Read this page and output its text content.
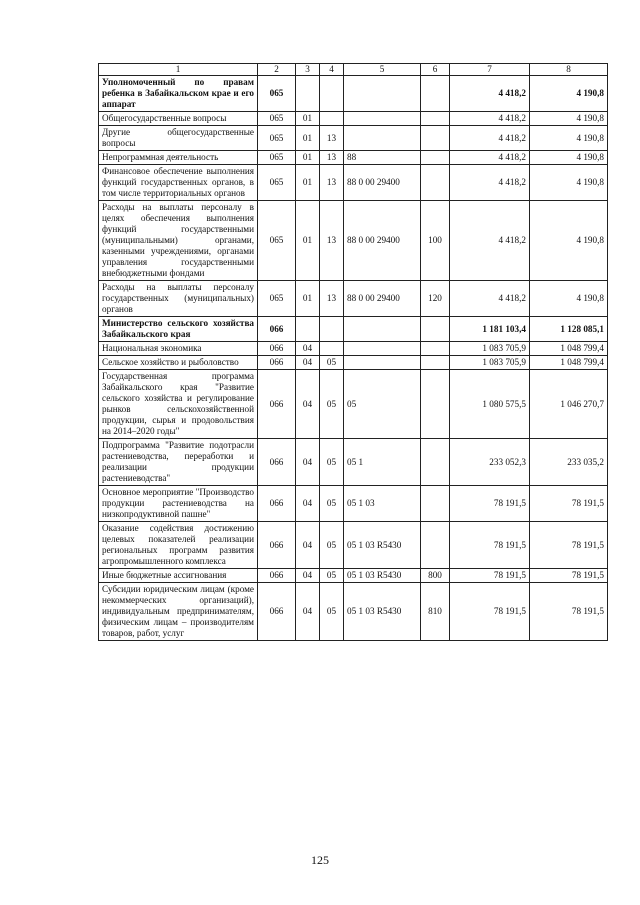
1	2	3	4	5	6	7	8
Уполномоченный по правам ребенка в Забайкальском крае и его аппарат	065					4 418,2	4 190,8
Общегосударственные вопросы	065	01				4 418,2	4 190,8
Другие общегосударственные вопросы	065	01	13			4 418,2	4 190,8
Непрограммная деятельность	065	01	13	88		4 418,2	4 190,8
Финансовое обеспечение выполнения функций государственных органов, в том числе территориальных органов	065	01	13	88 0 00 29400		4 418,2	4 190,8
Расходы на выплаты персоналу в целях обеспечения выполнения функций государственными (муниципальными) органами, казенными учреждениями, органами управления государственными внебюджетными фондами	065	01	13	88 0 00 29400	100	4 418,2	4 190,8
Расходы на выплаты персоналу государственных (муниципальных) органов	065	01	13	88 0 00 29400	120	4 418,2	4 190,8
Министерство сельского хозяйства Забайкальского края	066					1 181 103,4	1 128 085,1
Национальная экономика	066	04				1 083 705,9	1 048 799,4
Сельское хозяйство и рыболовство	066	04	05			1 083 705,9	1 048 799,4
Государственная программа Забайкальского края "Развитие сельского хозяйства и регулирование рынков сельскохозяйственной продукции, сырья и продовольствия на 2014–2020 годы"	066	04	05	05		1 080 575,5	1 046 270,7
Подпрограмма "Развитие подотрасли растениеводства, переработки и реализации продукции растениеводства"	066	04	05	05 1		233 052,3	233 035,2
Основное мероприятие "Производство продукции растениеводства на низкопродуктивной пашне"	066	04	05	05 1 03		78 191,5	78 191,5
Оказание содействия достижению целевых показателей реализации региональных программ развития агропромышленного комплекса	066	04	05	05 1 03 R5430		78 191,5	78 191,5
Иные бюджетные ассигнования	066	04	05	05 1 03 R5430	800	78 191,5	78 191,5
Субсидии юридическим лицам (кроме некоммерческих организаций), индивидуальным предпринимателям, физическим лицам – производителям товаров, работ, услуг	066	04	05	05 1 03 R5430	810	78 191,5	78 191,5
125
